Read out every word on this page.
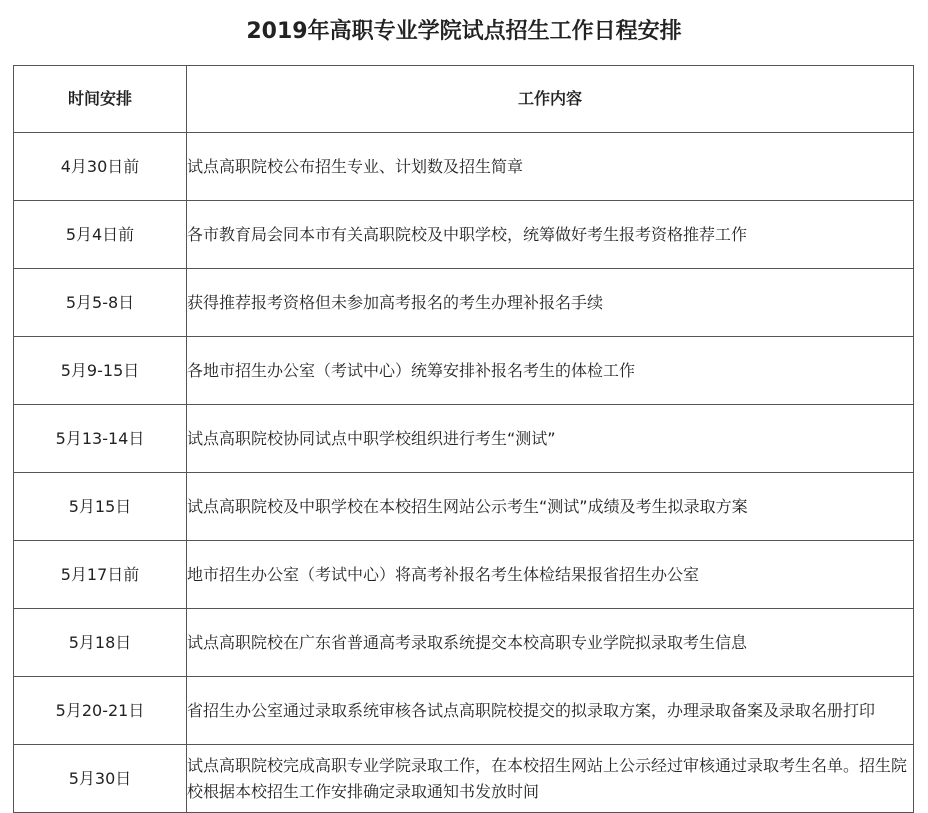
2019年高职专业学院试点招生工作日程安排
时间安排	工作内容
4月30日前	试点高职院校公布招生专业、计划数及招生简章
5月4日前	各市教育局会同本市有关高职院校及中职学校，统筹做好考生报考资格推荐工作
5月5-8日	获得推荐报考资格但未参加高考报名的考生办理补报名手续
5月9-15日	各地市招生办公室（考试中心）统筹安排补报名考生的体检工作
5月13-14日	试点高职院校协同试点中职学校组织进行考生“测试”
5月15日	试点高职院校及中职学校在本校招生网站公示考生“测试”成绩及考生拟录取方案
5月17日前	地市招生办公室（考试中心）将高考补报名考生体检结果报省招生办公室
5月18日	试点高职院校在广东省普通高考录取系统提交本校高职专业学院拟录取考生信息
5月20-21日	省招生办公室通过录取系统审核各试点高职院校提交的拟录取方案，办理录取备案及录取名册打印
5月30日	试点高职院校完成高职专业学院录取工作，在本校招生网站上公示经过审核通过录取考生名单。招生院校根据本校招生工作安排确定录取通知书发放时间
